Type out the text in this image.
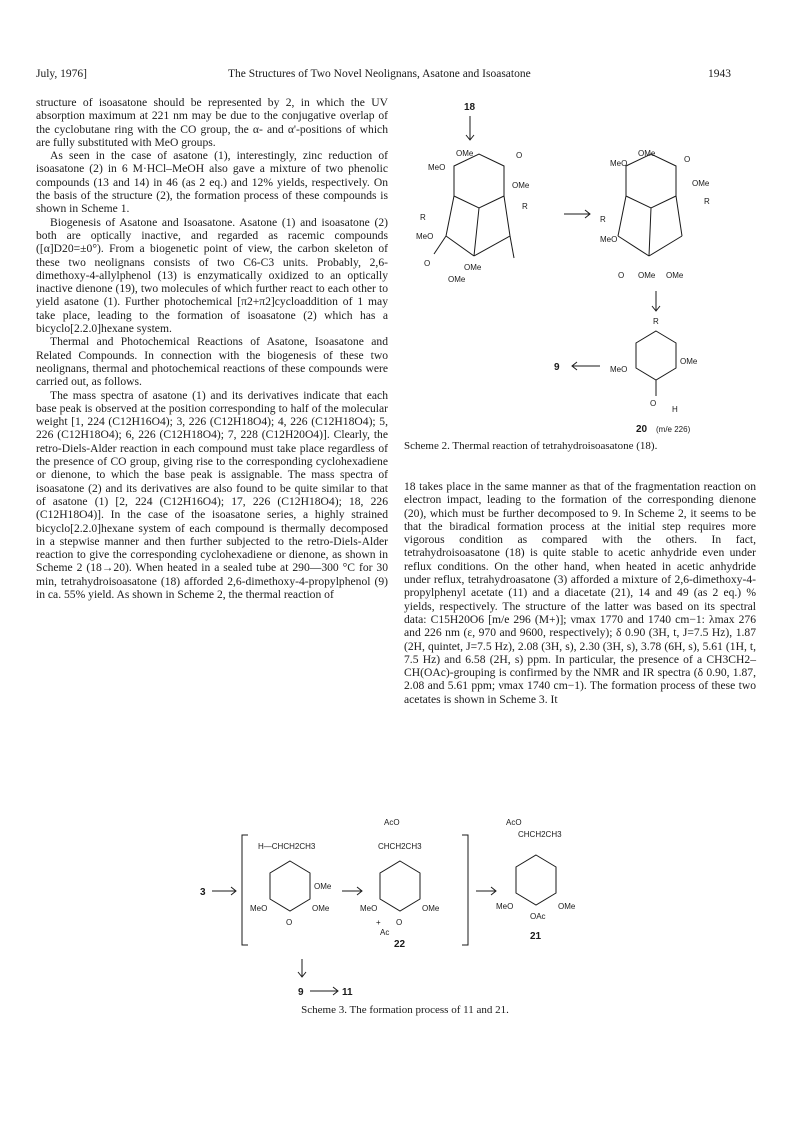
July, 1976]	The Structures of Two Novel Neolignans, Asatone and Isoasatone	1943

structure of isoasatone should be represented by 2, in which the UV absorption maximum at 221 nm may be due to the conjugative overlap of the cyclobutane ring with the CO group, the α- and α'-positions of which are fully substituted with MeO groups.

As seen in the case of asatone (1), interestingly, zinc reduction of isoasatone (2) in 6 M·HCl–MeOH also gave a mixture of two phenolic compounds (13 and 14) in 46 (as 2 eq.) and 12% yields, respectively. On the basis of the structure (2), the formation process of these compounds is shown in Scheme 1.

Biogenesis of Asatone and Isoasatone. Asatone (1) and isoasatone (2) both are optically inactive, and regarded as racemic compounds ([α]D20=±0°). From a biogenetic point of view, the carbon skeleton of these two neolignans consists of two C6-C3 units. Probably, 2,6-dimethoxy-4-allylphenol (13) is enzymatically oxidized to an optically inactive dienone (19), two molecules of which further react to each other to yield asatone (1). Further photochemical [π2+π2]cycloaddition of 1 may take place, leading to the formation of isoasatone (2) which has a bicyclo[2.2.0]hexane system.

Thermal and Photochemical Reactions of Asatone, Isoasatone and Related Compounds. In connection with the biogenesis of these two neolignans, thermal and photochemical reactions of these compounds were carried out, as follows.

The mass spectra of asatone (1) and its derivatives indicate that each base peak is observed at the position corresponding to half of the molecular weight [1, 224 (C12H16O4); 3, 226 (C12H18O4); 4, 226 (C12H18O4); 5, 226 (C12H18O4); 6, 226 (C12H18O4); 7, 228 (C12H20O4)]. Clearly, the retro-Diels-Alder reaction in each compound must take place regardless of the presence of CO group, giving rise to the corresponding cyclohexadiene or dienone, to which the base peak is assignable. The mass spectra of isoasatone (2) and its derivatives are also found to be quite similar to that of asatone (1) [2, 224 (C12H16O4); 17, 226 (C12H18O4); 18, 226 (C12H18O4)]. In the case of the isoasatone series, a highly strained bicyclo[2.2.0]hexane system of each compound is thermally decomposed in a stepwise manner and then further subjected to the retro-Diels-Alder reaction to give the corresponding cyclohexadiene or dienone, as shown in Scheme 2 (18→20). When heated in a sealed tube at 290—300 °C for 30 min, tetrahydroisoasatone (18) afforded 2,6-dimethoxy-4-propylphenol (9) in ca. 55% yield. As shown in Scheme 2, the thermal reaction of

18
OMe
MeO
O
OMe
R
R
MeO
OMe
OMe
O
OMe
MeO	O
OMe
R
R
MeO
O OMe OMe
R
OMe
MeO
O
H
20 (m/e 226)
9
Scheme 2. Thermal reaction of tetrahydroisoasatone (18).

18 takes place in the same manner as that of the fragmentation reaction on electron impact, leading to the formation of the corresponding dienone (20), which must be further decomposed to 9. In Scheme 2, it seems to be that the biradical formation process at the initial step requires more vigorous condition as compared with the others. In fact, tetrahydroisoasatone (18) is quite stable to acetic anhydride even under reflux conditions. On the other hand, when heated in acetic anhydride under reflux, tetrahydroasatone (3) afforded a mixture of 2,6-dimethoxy-4-propylphenyl acetate (11) and a diacetate (21), 14 and 49 (as 2 eq.) % yields, respectively. The structure of the latter was based on its spectral data: C15H20O6 [m/e 296 (M+)]; νmax 1770 and 1740 cm−1: λmax 276 and 226 nm (ε, 970 and 9600, respectively); δ 0.90 (3H, t, J=7.5 Hz), 1.87 (2H, quintet, J=7.5 Hz), 2.08 (3H, s), 2.30 (3H, s), 3.78 (6H, s), 5.61 (1H, t, 7.5 Hz) and 6.58 (2H, s) ppm. In particular, the presence of a CH3CH2–CH(OAc)-grouping is confirmed by the NMR and IR spectra (δ 0.90, 1.87, 2.08 and 5.61 ppm; νmax 1740 cm−1). The formation process of these two acetates is shown in Scheme 3. It

3
H—CHCH2CH3
MeO	OMe
OMe
O
AcO
CHCH2CH3
MeO	OMe
O
+
Ac
22
AcO
CHCH2CH3
MeO	OMe
OAc
21
9	11
Scheme 3. The formation process of 11 and 21.
